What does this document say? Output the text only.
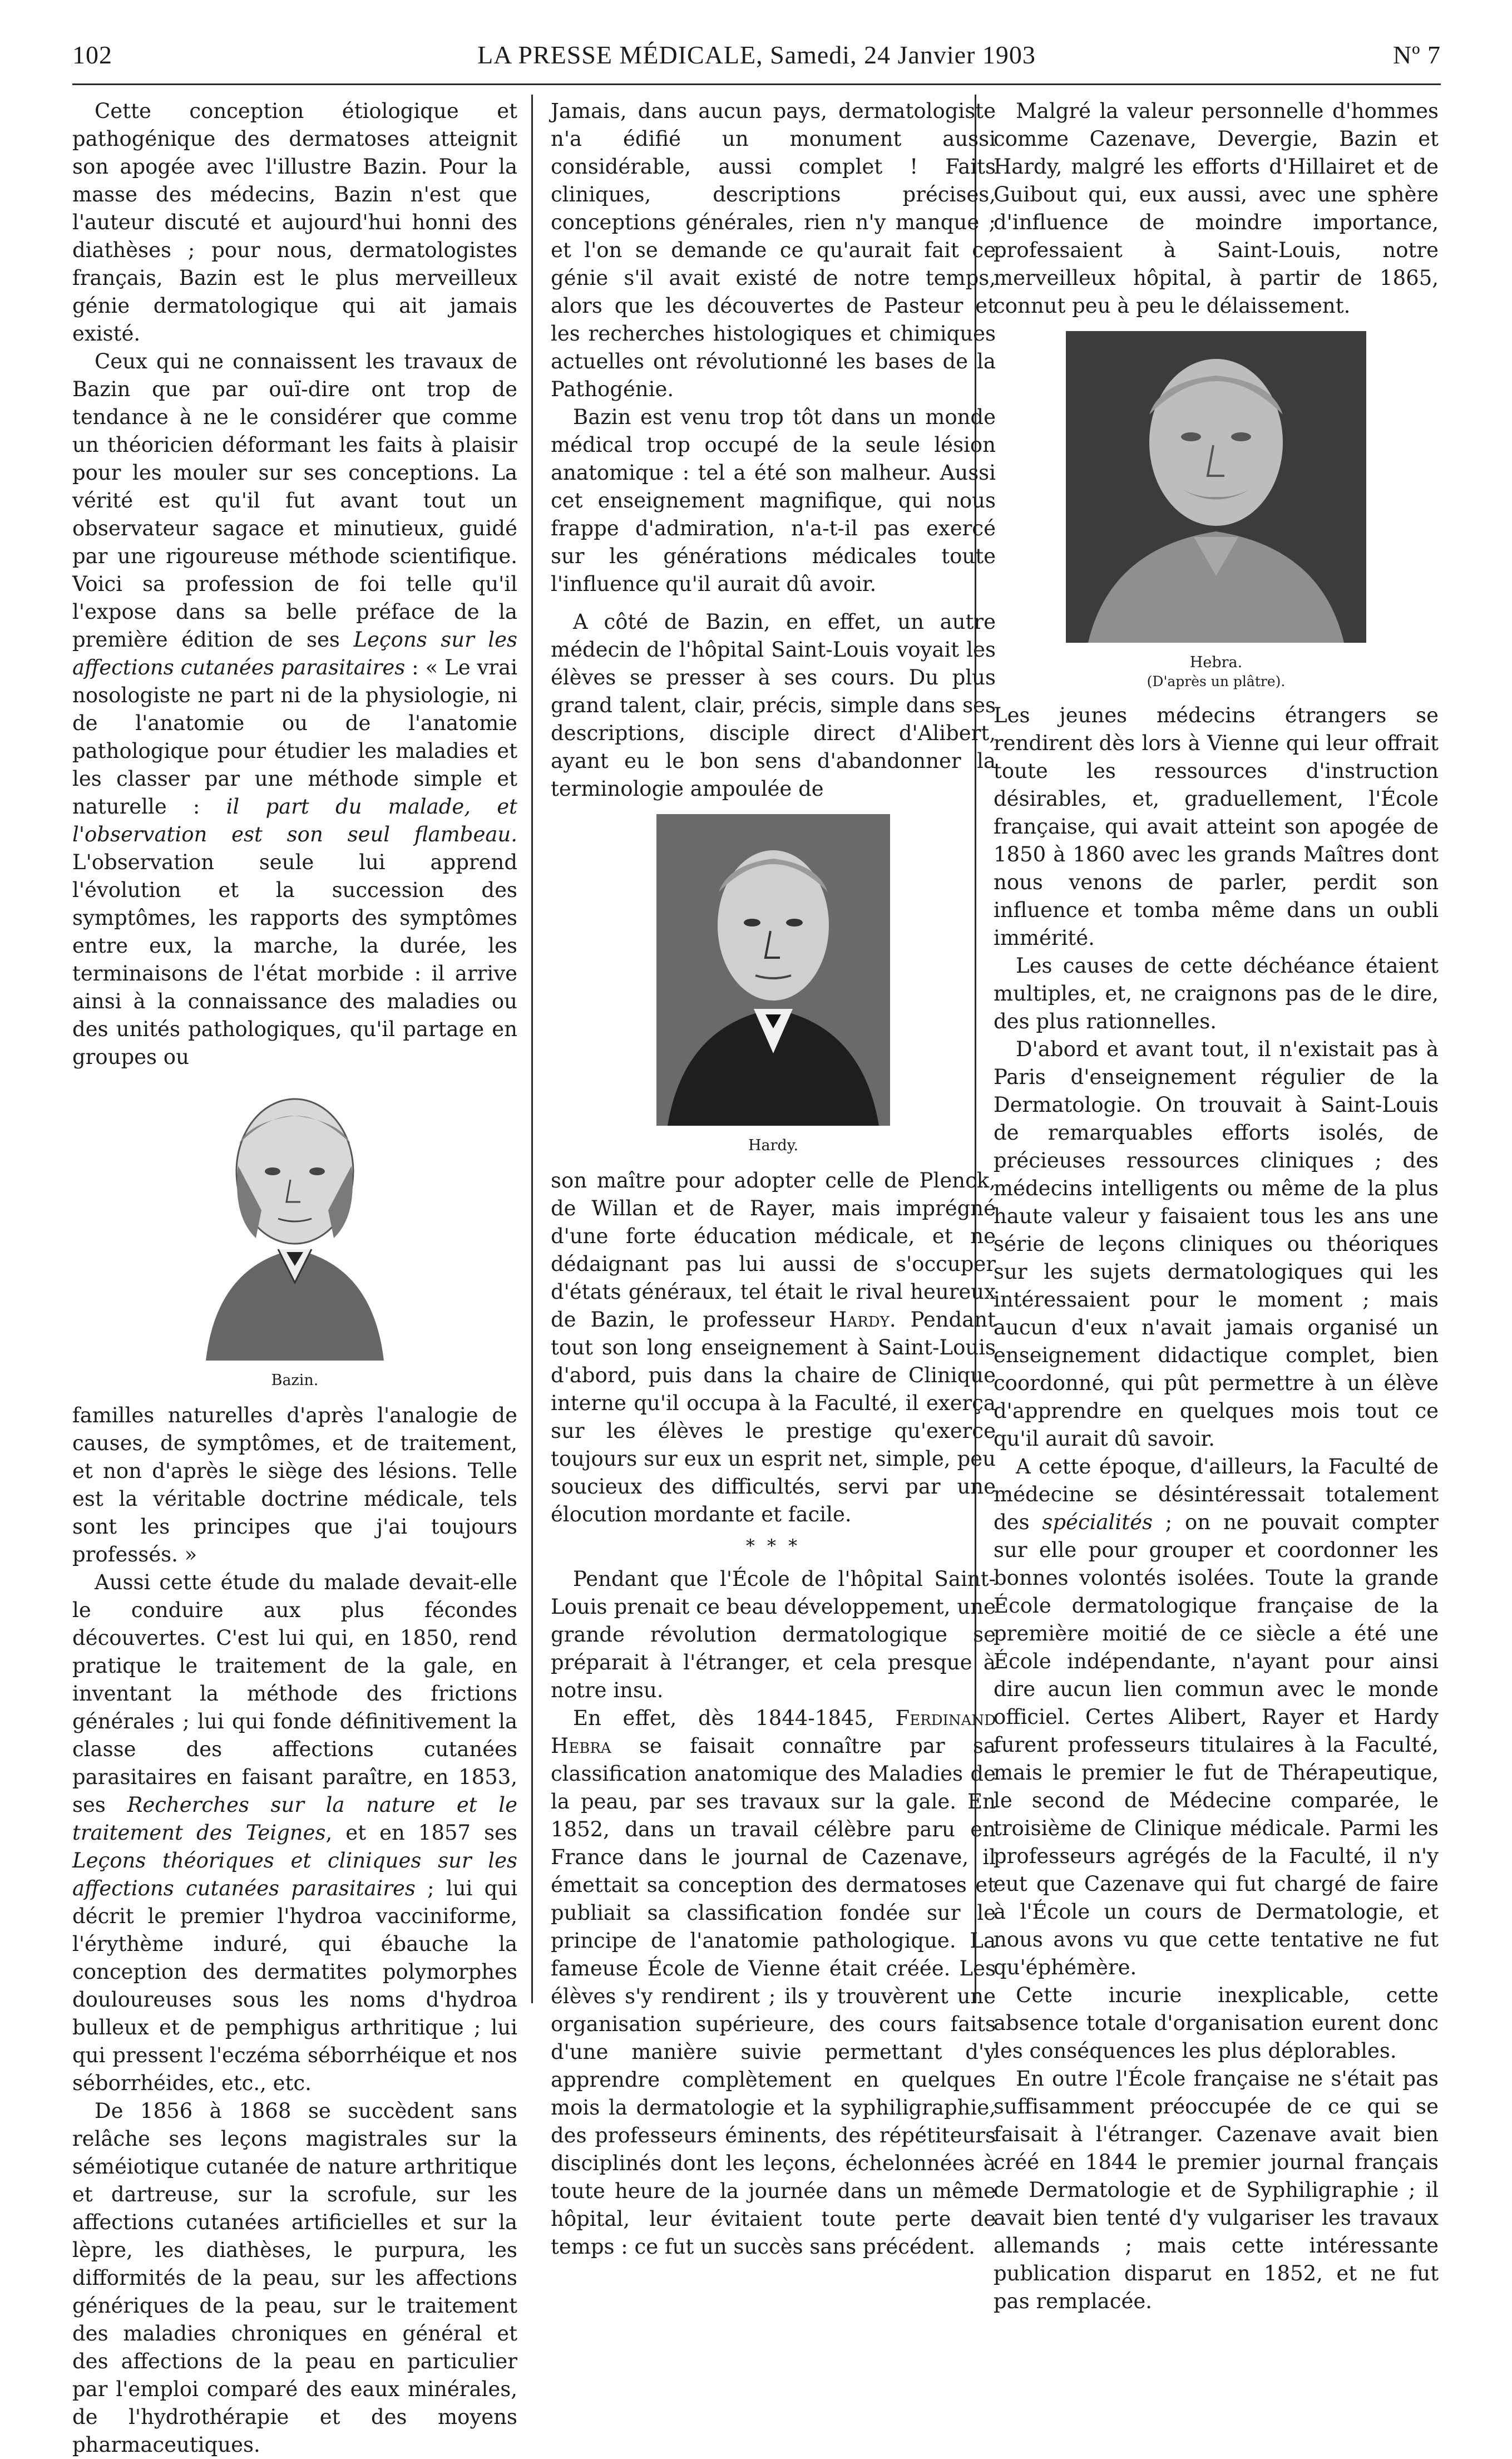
102	LA PRESSE MÉDICALE, Samedi, 24 Janvier 1903	Nº 7

Cette conception étiologique et pathogénique des dermatoses atteignit son apogée avec l'illustre Bazin. Pour la masse des médecins, Bazin n'est que l'auteur discuté et aujourd'hui honni des diathèses ; pour nous, dermatologistes français, Bazin est le plus merveilleux génie dermatologique qui ait jamais existé.

Ceux qui ne connaissent les travaux de Bazin que par ouï-dire ont trop de tendance à ne le considérer que comme un théoricien déformant les faits à plaisir pour les mouler sur ses conceptions. La vérité est qu'il fut avant tout un observateur sagace et minutieux, guidé par une rigoureuse méthode scientifique. Voici sa profession de foi telle qu'il l'expose dans sa belle préface de la première édition de ses Leçons sur les affections cutanées parasitaires : « Le vrai nosologiste ne part ni de la physiologie, ni de l'anatomie ou de l'anatomie pathologique pour étudier les maladies et les classer par une méthode simple et naturelle : il part du malade, et l'observation est son seul flambeau. L'observation seule lui apprend l'évolution et la succession des symptômes, les rapports des symptômes entre eux, la marche, la durée, les terminaisons de l'état morbide : il arrive ainsi à la connaissance des maladies ou des unités pathologiques, qu'il partage en groupes ou

Bazin.

familles naturelles d'après l'analogie de causes, de symptômes, et de traitement, et non d'après le siège des lésions. Telle est la véritable doctrine médicale, tels sont les principes que j'ai toujours professés. »

Aussi cette étude du malade devait-elle le conduire aux plus fécondes découvertes. C'est lui qui, en 1850, rend pratique le traitement de la gale, en inventant la méthode des frictions générales ; lui qui fonde définitivement la classe des affections cutanées parasitaires en faisant paraître, en 1853, ses Recherches sur la nature et le traitement des Teignes, et en 1857 ses Leçons théoriques et cliniques sur les affections cutanées parasitaires ; lui qui décrit le premier l'hydroa vacciniforme, l'érythème induré, qui ébauche la conception des dermatites polymorphes douloureuses sous les noms d'hydroa bulleux et de pemphigus arthritique ; lui qui pressent l'eczéma séborrhéique et nos séborrhéides, etc., etc.

De 1856 à 1868 se succèdent sans relâche ses leçons magistrales sur la séméiotique cutanée de nature arthritique et dartreuse, sur la scrofule, sur les affections cutanées artificielles et sur la lèpre, les diathèses, le purpura, les difformités de la peau, sur les affections génériques de la peau, sur le traitement des maladies chroniques en général et des affections de la peau en particulier par l'emploi comparé des eaux minérales, de l'hydrothérapie et des moyens pharmaceutiques.

Jamais, dans aucun pays, dermatologiste n'a édifié un monument aussi considérable, aussi complet ! Faits cliniques, descriptions précises, conceptions générales, rien n'y manque ; et l'on se demande ce qu'aurait fait ce génie s'il avait existé de notre temps, alors que les découvertes de Pasteur et les recherches histologiques et chimiques actuelles ont révolutionné les bases de la Pathogénie.

Bazin est venu trop tôt dans un monde médical trop occupé de la seule lésion anatomique : tel a été son malheur. Aussi cet enseignement magnifique, qui nous frappe d'admiration, n'a-t-il pas exercé sur les générations médicales toute l'influence qu'il aurait dû avoir.

A côté de Bazin, en effet, un autre médecin de l'hôpital Saint-Louis voyait les élèves se presser à ses cours. Du plus grand talent, clair, précis, simple dans ses descriptions, disciple direct d'Alibert, ayant eu le bon sens d'abandonner la terminologie ampoulée de

Hardy.

son maître pour adopter celle de Plenck, de Willan et de Rayer, mais imprégné d'une forte éducation médicale, et ne dédaignant pas lui aussi de s'occuper d'états généraux, tel était le rival heureux de Bazin, le professeur Hardy. Pendant tout son long enseignement à Saint-Louis d'abord, puis dans la chaire de Clinique interne qu'il occupa à la Faculté, il exerça sur les élèves le prestige qu'exerce toujours sur eux un esprit net, simple, peu soucieux des difficultés, servi par une élocution mordante et facile.

* * *

Pendant que l'École de l'hôpital Saint-Louis prenait ce beau développement, une grande révolution dermatologique se préparait à l'étranger, et cela presque à notre insu.

En effet, dès 1844-1845, Ferdinand Hebra se faisait connaître par sa classification anatomique des Maladies de la peau, par ses travaux sur la gale. En 1852, dans un travail célèbre paru en France dans le journal de Cazenave, il émettait sa conception des dermatoses et publiait sa classification fondée sur le principe de l'anatomie pathologique. La fameuse École de Vienne était créée. Les élèves s'y rendirent ; ils y trouvèrent une organisation supérieure, des cours faits d'une manière suivie permettant d'y apprendre complètement en quelques mois la dermatologie et la syphiligraphie, des professeurs éminents, des répétiteurs disciplinés dont les leçons, échelonnées à toute heure de la journée dans un même hôpital, leur évitaient toute perte de temps : ce fut un succès sans précédent.

Malgré la valeur personnelle d'hommes comme Cazenave, Devergie, Bazin et Hardy, malgré les efforts d'Hillairet et de Guibout qui, eux aussi, avec une sphère d'influence de moindre importance, professaient à Saint-Louis, notre merveilleux hôpital, à partir de 1865, connut peu à peu le délaissement.

Hebra.
(D'après un plâtre).

Les jeunes médecins étrangers se rendirent dès lors à Vienne qui leur offrait toute les ressources d'instruction désirables, et, graduellement, l'École française, qui avait atteint son apogée de 1850 à 1860 avec les grands Maîtres dont nous venons de parler, perdit son influence et tomba même dans un oubli immérité.

Les causes de cette déchéance étaient multiples, et, ne craignons pas de le dire, des plus rationnelles.

D'abord et avant tout, il n'existait pas à Paris d'enseignement régulier de la Dermatologie. On trouvait à Saint-Louis de remarquables efforts isolés, de précieuses ressources cliniques ; des médecins intelligents ou même de la plus haute valeur y faisaient tous les ans une série de leçons cliniques ou théoriques sur les sujets dermatologiques qui les intéressaient pour le moment ; mais aucun d'eux n'avait jamais organisé un enseignement didactique complet, bien coordonné, qui pût permettre à un élève d'apprendre en quelques mois tout ce qu'il aurait dû savoir.

A cette époque, d'ailleurs, la Faculté de médecine se désintéressait totalement des spécialités ; on ne pouvait compter sur elle pour grouper et coordonner les bonnes volontés isolées. Toute la grande École dermatologique française de la première moitié de ce siècle a été une École indépendante, n'ayant pour ainsi dire aucun lien commun avec le monde officiel. Certes Alibert, Rayer et Hardy furent professeurs titulaires à la Faculté, mais le premier le fut de Thérapeutique, le second de Médecine comparée, le troisième de Clinique médicale. Parmi les professeurs agrégés de la Faculté, il n'y eut que Cazenave qui fut chargé de faire à l'École un cours de Dermatologie, et nous avons vu que cette tentative ne fut qu'éphémère.

Cette incurie inexplicable, cette absence totale d'organisation eurent donc les conséquences les plus déplorables.

En outre l'École française ne s'était pas suffisamment préoccupée de ce qui se faisait à l'étranger. Cazenave avait bien créé en 1844 le premier journal français de Dermatologie et de Syphiligraphie ; il avait bien tenté d'y vulgariser les travaux allemands ; mais cette intéressante publication disparut en 1852, et ne fut pas remplacée.
